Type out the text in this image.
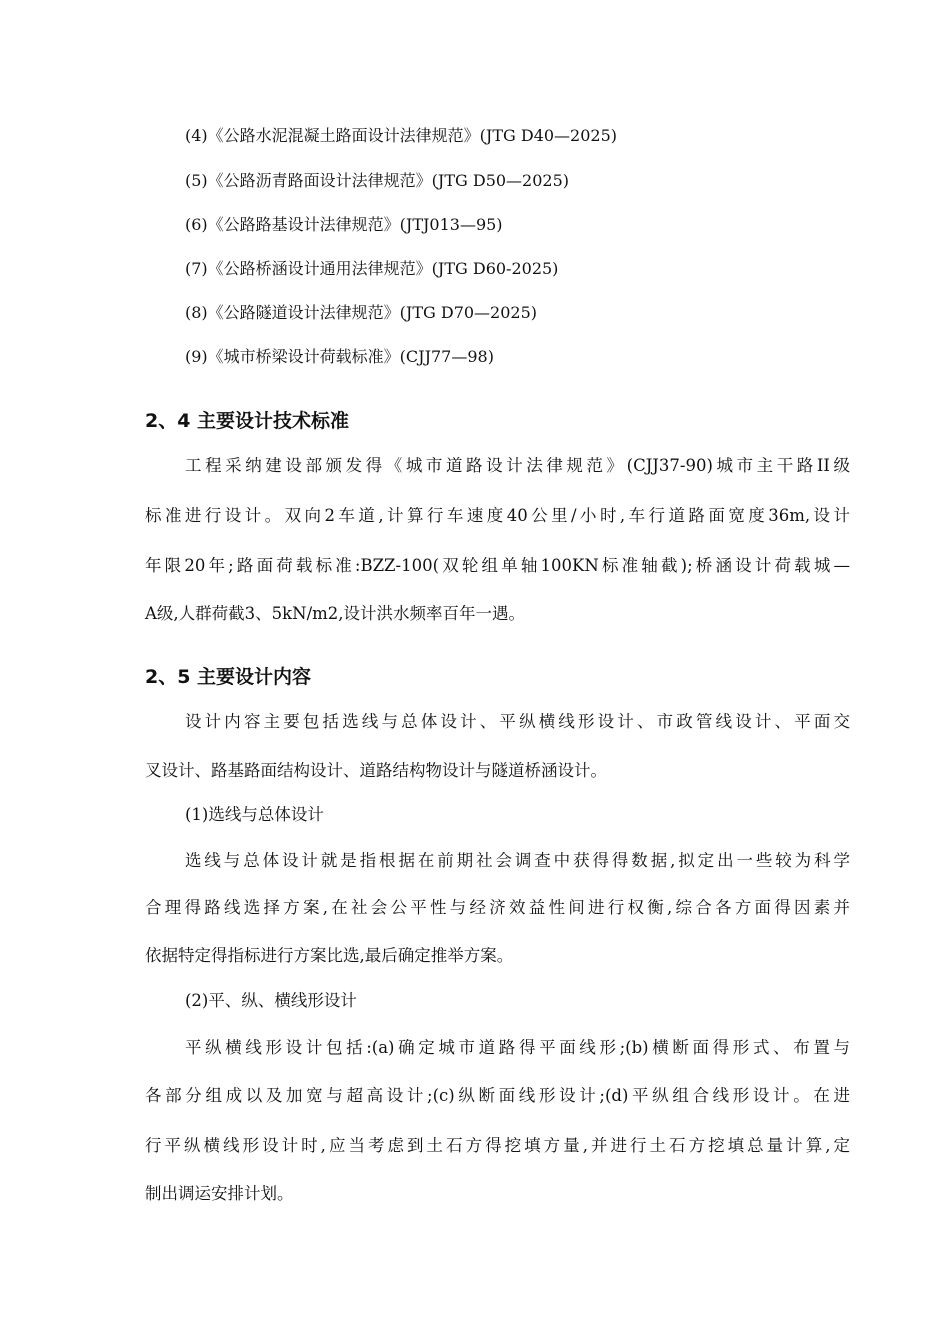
(4)《公路水泥混凝土路面设计法律规范》(JTG D40—2025)
(5)《公路沥青路面设计法律规范》(JTG D50—2025)
(6)《公路路基设计法律规范》(JTJ013—95)
(7)《公路桥涵设计通用法律规范》(JTG D60-2025)
(8)《公路隧道设计法律规范》(JTG D70—2025)
(9)《城市桥梁设计荷载标准》(CJJ77—98)
2、4 主要设计技术标准
工程采纳建设部颁发得《城市道路设计法律规范》(CJJ37-90)城市主干路II级
标准进行设计。双向2车道,计算行车速度40公里/小时,车行道路面宽度36m,设计
年限20年;路面荷载标准:BZZ-100(双轮组单轴100KN标准轴截);桥涵设计荷载城—
A级,人群荷截3、5kN/m2,设计洪水频率百年一遇。
2、5 主要设计内容
设计内容主要包括选线与总体设计、平纵横线形设计、市政管线设计、平面交
叉设计、路基路面结构设计、道路结构物设计与隧道桥涵设计。
(1)选线与总体设计
选线与总体设计就是指根据在前期社会调查中获得得数据,拟定出一些较为科学
合理得路线选择方案,在社会公平性与经济效益性间进行权衡,综合各方面得因素并
依据特定得指标进行方案比选,最后确定推举方案。
(2)平、纵、横线形设计
平纵横线形设计包括:(a)确定城市道路得平面线形;(b)横断面得形式、布置与
各部分组成以及加宽与超高设计;(c)纵断面线形设计;(d)平纵组合线形设计。在进
行平纵横线形设计时,应当考虑到土石方得挖填方量,并进行土石方挖填总量计算,定
制出调运安排计划。
